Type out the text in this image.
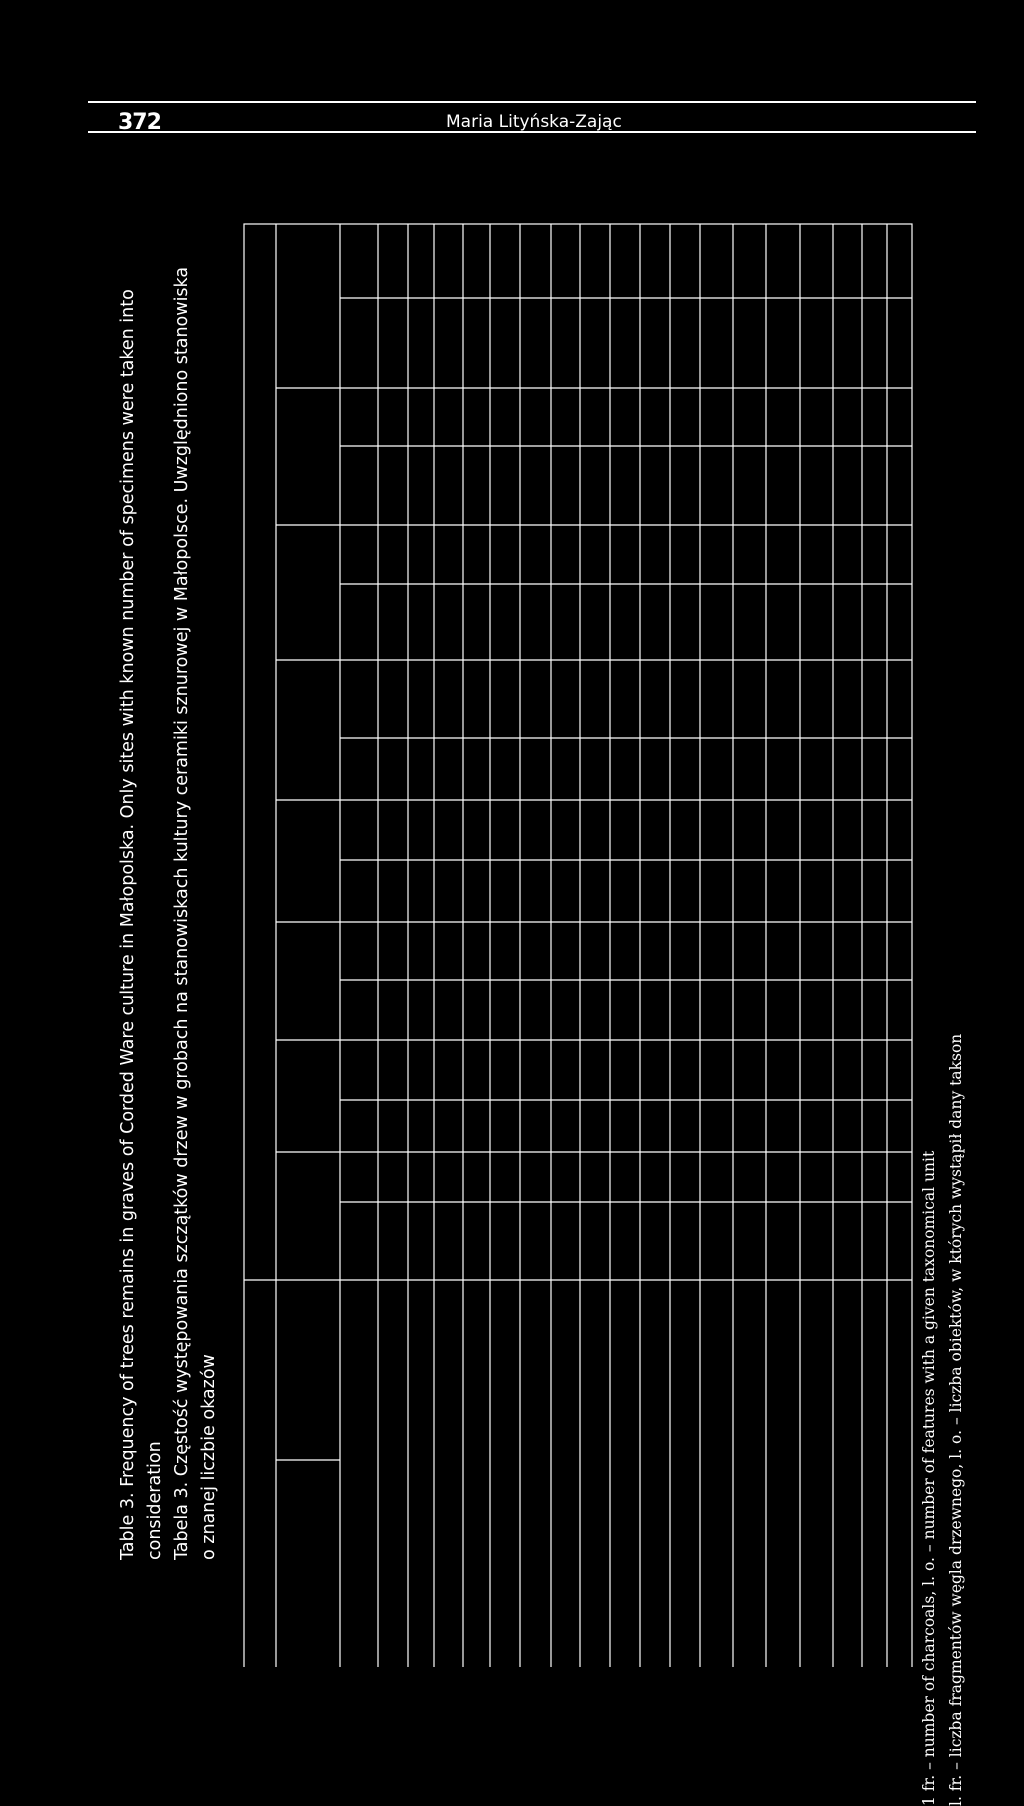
372	Maria Lityńska-Zając
Table 3. Frequency of trees remains in graves of Corded Ware culture in Małopolska. Only sites with known number of specimens were taken into consideration Tabela 3. Częstość występowania szczątków drzew w grobach na stanowiskach kultury ceramiki sznurowej w Małopolsce. Uwzględniono stanowiska o znanej liczbie okazów	1 fr. – number of charcoals, l. o. – number of features with a given taxonomical unit l. fr. – liczba fragmentów węgla drzewnego, l. o. – liczba obiektów, w których wystąpił dany takson
